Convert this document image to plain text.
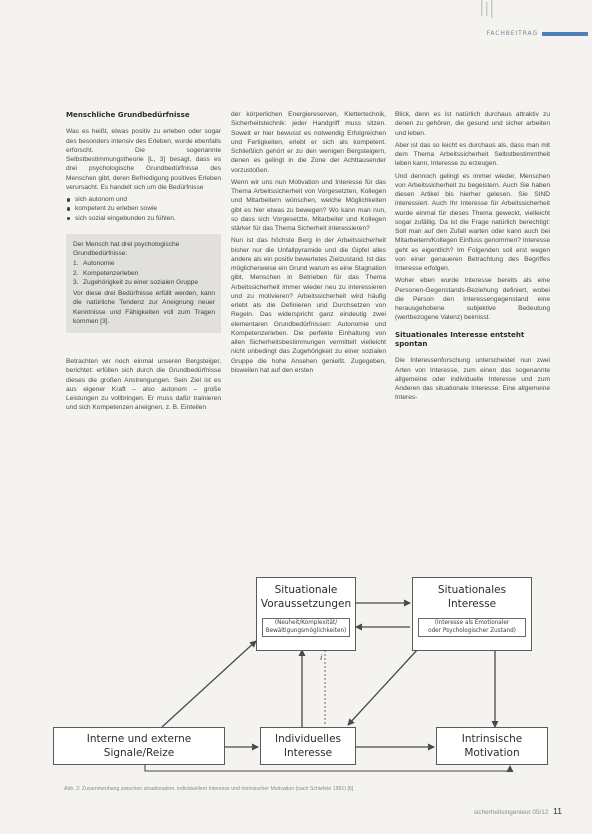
FACHBEITRAG
Menschliche Grundbedürfnisse

Was es heißt, etwas positiv zu erleben oder sogar des besonders intensiv des Erleben, wurde ebenfalls erforscht. Die sogenannte Selbstbestimmungstheorie [L, 3] besagt, dass es drei psychologische Grundbedürfnisse des Menschen gibt, deren Befriedigung positives Erleben verursacht. Es handelt sich um die Bedürfnisse

sich autonom und
kompetent zu erleben sowie
sich sozial eingebunden zu fühlen.
Der Mensch hat drei psychologische Grundbedürfnisse:
1. Autonomie
2. Kompetenzerleben
3. Zugehörigkeit zu einer sozialen Gruppe
Vor diese drei Bedürfnisse erfüllt werden, kann die natürliche Tendenz zur Aneignung neuer Kenntnisse und Fähigkeiten voll zum Tragen kommen [3].

Betrachten wir noch einmal unseren Bergsteiger, berichtet: erfüllen sich durch die Grundbedürfnisse dieses die großen Anstrengungen. Sein Ziel ist es aus eigener Kraft – also autonom – große Leistungen zu vollbringen. Er muss dafür trainieren und sich Kompetenzen aneignen, z. B. Einteilen

der körperlichen Energiereserven, Klettertechnik, Sicherheitstechnik: jeder Handgriff muss sitzen. Soweit er hier bewusst es notwendig Erfolgreichen und Fertigkeiten, erlebt er sich als kompetent. Schließlich gehört er zu den wenigen Bergsteigern, denen es gelingt in die Zone der Achttausender vorzustoßen.

Wenn wir uns nun Motivation und Interesse für das Thema Arbeitssicherheit von Vorgesetzten, Kollegen und Mitarbeitern wünschen, welche Möglichkeiten gibt es hier etwas zu bewegen? Wo kann man nun, so dass sich Vorgesetzte, Mitarbeiter und Kollegen stärker für das Thema Sicherheit interessieren?

Nun ist das höchste Berg in der Arbeitssicherheit bisher nur die Unfallpyramide und die Gipfel alles andere als ein positiv bewertetes Zielzustand. Ist das möglicherweise ein Grund warum es eine Stagnation gibt, Menschen in Betrieben für das Thema Arbeitssicherheit immer wieder neu zu interessieren und zu motivieren? Arbeitssicherheit wird häufig erlebt als die Definieren und Durchsetzen von Regeln. Das widerspricht ganz eindeutig zwei elementaren Grundbedürfnissen: Autonomie und Kompetenzerleben. Die perfekte Einhaltung von allen Sicherheitsbestimmungen vermittelt vielleicht nicht unbedingt das Zugehörigkeit zu einer sozialen Gruppe die hohe Ansehen genießt. Zugegeben, bisweilen hat auf den ersten

Blick, denn es ist natürlich durchaus attraktiv zu denen zu gehören, die gesund und sicher arbeiten und leben.

Aber ist das so leicht es durchaus als, dass man mit dem Thema Arbeitssicherheit Selbstbestimmtheit leben kann, Interesse zu erzeugen.

Und dennoch gelingt es immer wieder, Menschen von Arbeitssicherheit zu begeistern. Auch Sie haben diesen Artikel bis hierher gelesen. Sie SIND interessiert. Auch Ihr Interesse für Arbeitssicherheit wurde einmal für dieses Thema geweckt, vielleicht sogar zufällig. Da ist die Frage natürlich berechtigt: Soll man auf den Zufall warten oder kann auch bei Mitarbeitern/Kollegen Einfluss genommen? Interesse geht es eigentlich? Im Folgenden soll erst wegen von einer genaueren Betrachtung des Begriffes Interesse erfolgen.

Woher eben wurde Interesse bereits als eine Personen-Gegenstands-Beziehung definiert, wobei die Person den Interessengegenstand eine herausgehobene subjektive Bedeutung (wertbezogene Valenz) beimisst.

Situationales Interesse entsteht spontan

Die Interessenforschung unterscheidet nun zwei Arten von Interesse, zum einen das sogenannte allgemeine oder individuelle Interesse und zum Anderen das situationale Interesse. Eine allgemeine Interes-

Situationale
Voraussetzungen
(Neuheit/Komplexität/
Bewältigungsmöglichkeiten)
Situationales
Interesse
(Interesse als Emotionaler
oder Psychologischer Zustand)
Interne und externe
Signale/Reize
Individuelles
Interesse
Intrinsische
Motivation
i
Abb. 2: Zusammenhang zwischen situationalem, individuellem Interesse und intrinsischer Motivation (nach Schiefele 1991) [6]
sicherheitsingenieur 05/12 11
